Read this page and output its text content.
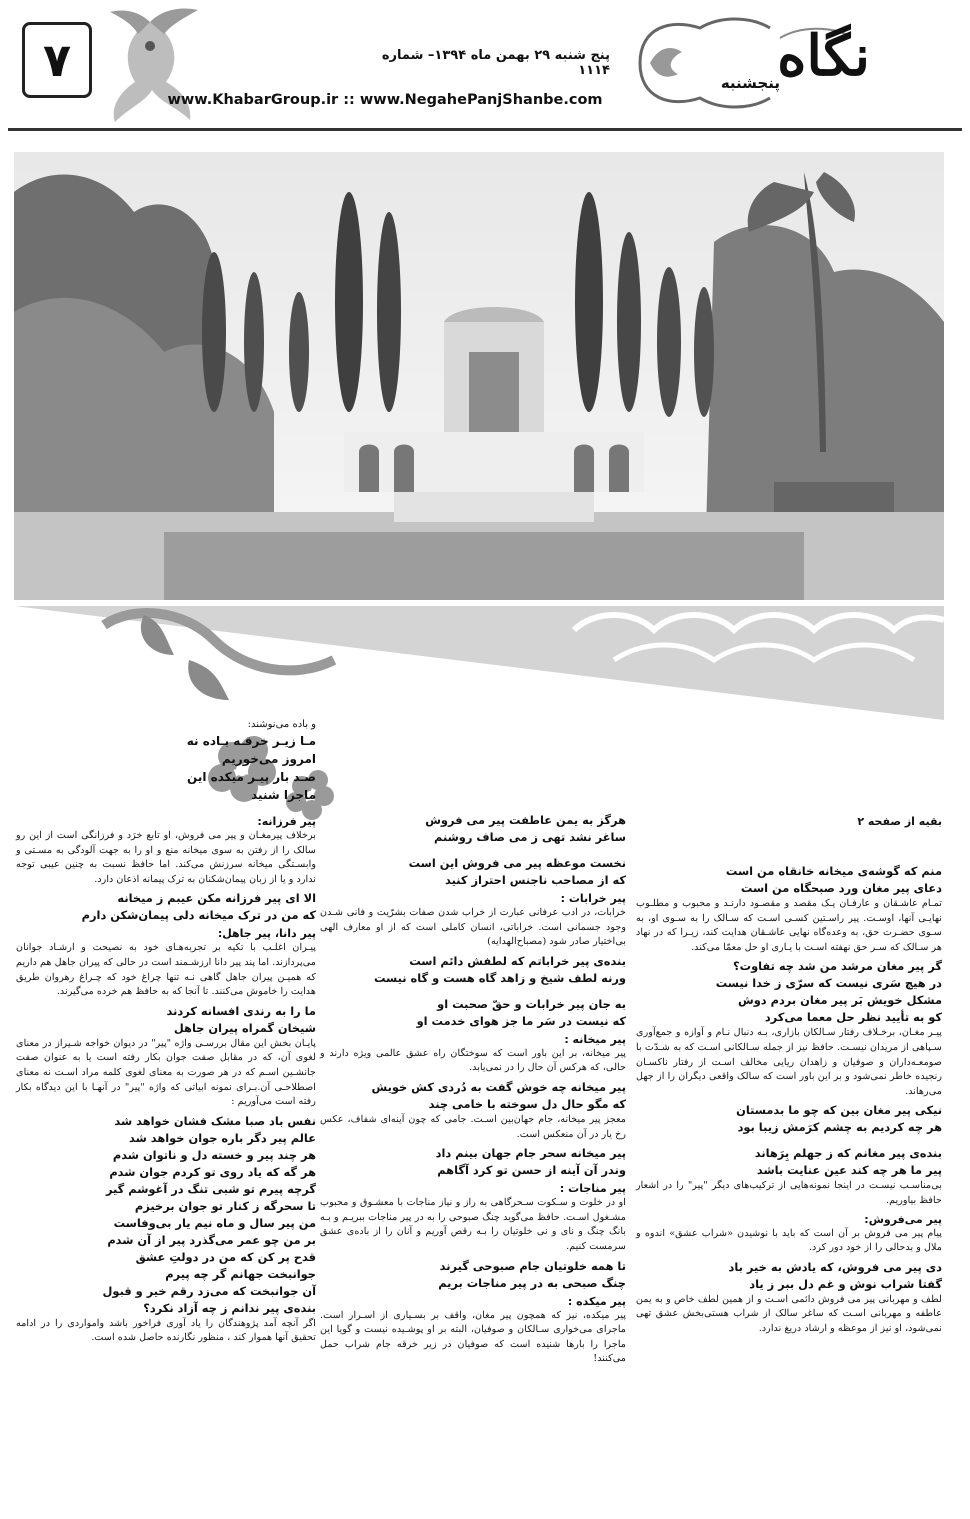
۷	پنج شنبه ۲۹ بهمن ماه ۱۳۹۴– شماره ۱۱۱۴
www.KhabarGroup.ir :: www.NegahePanjShanbe.com
نگاه
پنجشنبه

و باده می‌نوشند:

مـا زیـر خرقـه بـاده نه

امروز می‌خوریم

صـد بار پیـر میکده این

ماجرا شنید

بقیه از صفحه ۲

منم که گوشه‌ی میخانه خانقاه من است

دعای پیر مغان ورد صبحگاه من است

تمـام عاشـقان و عارفـان یـک مقصد و مقصـود دارنـد و محبوب و مطلـوب نهایـی آنها، اوسـت. پیر راسـتین کسـی اسـت که سـالک را به سـوی او، به سـوی حضـرت حق، به وعده‌گاه نهایی عاشـقان هدایت کند، زیـرا که در نهاد هر سـالک که سـر حق نهفته اسـت با یـاری او حل معمّا می‌کند.

گر پیر مغان مرشد من شد چه تفاوت؟

در هیچ سَری نیست که سرّی ز خدا نیست

مشکل خویش بَر پیر مغان بردم دوش

کو به تأیید نظر حل معما می‌کرد

پیـر مغـان، برخـلاف رفتار سـالکان بازاری، بـه دنبال نـام و آوازه و جمع‌آوری سـپاهی از مریدان نیسـت. حافظ نیز از جمله سـالکانی اسـت که به شـدّت با صومعـه‌داران و صوفیان و زاهدان ریایی مخالف اسـت از رفتار ناکسـان رنجیده خاطر نمی‌شود و بر این باور است که سالک واقعی دیگران را از جهل می‌رهاند.

نیکی پیر مغان بین که چو ما بدمستان

هر چه کردیم به چشم کرَمش زیبا بود

بنده‌ی پیر مغانم که ز جهلم بِرَهاند

پیر ما هر چه کند عین عنایت باشد

بی‌مناسـب نیسـت در اینجا نمونه‌هایی از ترکیب‌های دیگر "پیر" را در اشعار حافظ بیاوریم.

پیر می‌فروش:

پیام پیر می فروش بر آن است که باید با نوشیدن «شراب عشق» اندوه و ملال و بدحالی را از خود دور کرد.

دی پیر می فروش، که یادش به خیر باد

گفتا شراب نوش و غم دل ببر ز یاد

لطف و مهربانی پیر می فروش دائمی اسـت و از همین لطف خاص و به یمن عاطفه و مهربانی اسـت که ساغر سالک از شراب هستی‌بخش عشق تهی نمی‌شود، او نیز از موعظه و ارشاد دریغ ندارد.

هرگز به یمن عاطفت پیر می فروش

ساغر نشد تهی ز می صاف روشنم

نخست موعظه پیر می فروش این است

که از مصاحب ناجنس احتراز کنید

پیر خرابات :

خرابات، در ادب عرفانی عبارت از خراب شدن صفات بشرّیت و فانی شـدن وجود جسمانی است. خراباتی، انسان کاملی است که از او معارف الهی بی‌اختیار صادر شود (مصباح‌الهدایه)

بنده‌ی پیر خراباتم که لطفش دائم است

ورنه لطف شیخ و زاهد گاه هست و گاه نیست

به جان پیر خرابات و حقّ صحبت او

که نیست در سَر ما جز هوای خدمت او

پیر میخانه :

پیر میخانه، بر این باور است که سوختگان راه عشق عالمی ویژه دارند و حالی، که هرکس آن حال را در نمی‌یابد.

پیر میخانه چه خوش گفت به دُردی کش خویش

که مگو حال دل سوخته با خامی چند

معجز پیر میخانه، جام جهان‌بین اسـت. جامی که چون آینه‌ای شفاف، عکس رخ یار در آن منعکس است.

پیر میخانه سحر جام جهان بینم داد

وندر آن آینه از حسن تو کرد آگاهم

پیر مناجات :

او در خلوت و سـکوت سـحرگاهی به راز و نیاز مناجات با معشـوق و محبوب مشـغول اسـت. حافظ می‌گوید چنگ صبوحی را به در پیر مناجات ببریـم و بـه بانگ چنگ و نای و نی خلوتیان را بـه رقص آوریم و آنان را از باده‌ی عشق سرمست کنیم.

تا همه خلوتیان جام صبوحی گیرند

چنگ صبحی به در پیر مناجات بریم

پیر میکده :

پیر میکده، نیز که همچون پیر مغان، واقف بر بسـیاری از اسـرار است. ماجرای می‌خواری سـالکان و صوفیان، البته بر او پوشـیده نیست و گویا این ماجرا را بارها شنیده است که صوفیان در زیر خرقه جام شراب حمل می‌کنند!

پیر فرزانه:

برخلاف پیرمغـان و پیر می فروش، او تابع خرَد و فرزانگی است از این رو سالک را از رفتن به سوی میخانه منع و او را به جهت آلودگی به مسـتی و وابسـتگی میخانه سرزنش می‌کند. اما حافظ نسبت به چنین عیبی توجه ندارد و یا از زبان پیمان‌شکنان به ترک پیمانه اذعان دارد.

الا ای پیر فرزانه مکن عیبم ز میخانه

که من در ترک میخانه دلی پیمان‌شکن دارم

پیر دانا، پیر جاهل:

پیـران اغلـب با تکیه بر تجربه‌هـای خود به نصیحت و ارشـاد جوانان می‌پردازند. اما پند پیر دانا ارزشـمند است در حالی که پیران جاهل هم داریم که همیـن پیران جاهل گاهی نـه تنها چراغ خود که چـراغ رهروان طریق هدایت را خاموش می‌کنند. تا آنجا که به حافظ هم خرده می‌گیرند.

ما را به رندی افسانه کردند

شیخان گمراه پیران جاهل

پایـان بخش این مقال بررسـی واژه "پیر" در دیوان خواجه شـیراز در معنای لغوی آن، که در مقابل صفت جوان بکار رفته است یا به عنوان صفت جانشـین اسـم که در هر صورت به معنای لغوی کلمه مراد اسـت نه معنای اصطلاحـی آن.بـرای نمونه ابیاتی که واژه "پیر" در آنهـا با این دیدگاه بکار رفته است می‌آوریم :

نفس باد صبا مشک فشان خواهد شد

عالم پیر دگر باره جوان خواهد شد

هر چند پیر و خسته دل و ناتوان شدم

هر گه که یاد روی تو کردم جوان شدم

گرچه پیرم تو شبی تنگ در آغوشم گیر

تا سحرگه ز کنار تو جوان برخیزم

من پیر سال و ماه نیم یار بی‌وفاست

بر من چو عمر می‌گذرد پیر از آن شدم

قدح پر کن که من در دولتِ عشق

جوانبخت جهانم گر چه پیرم

آن جوانبخت که می‌زد رقم خیر و قبول

بنده‌ی پیر ندانم ز چه آزاد نکرد؟

اگر آنچه آمد پژوهندگان را یاد آوری فراخور باشد وامواردی را در ادامه تحقیق آنها هموار کند ، منظور نگارنده حاصل شده است.
